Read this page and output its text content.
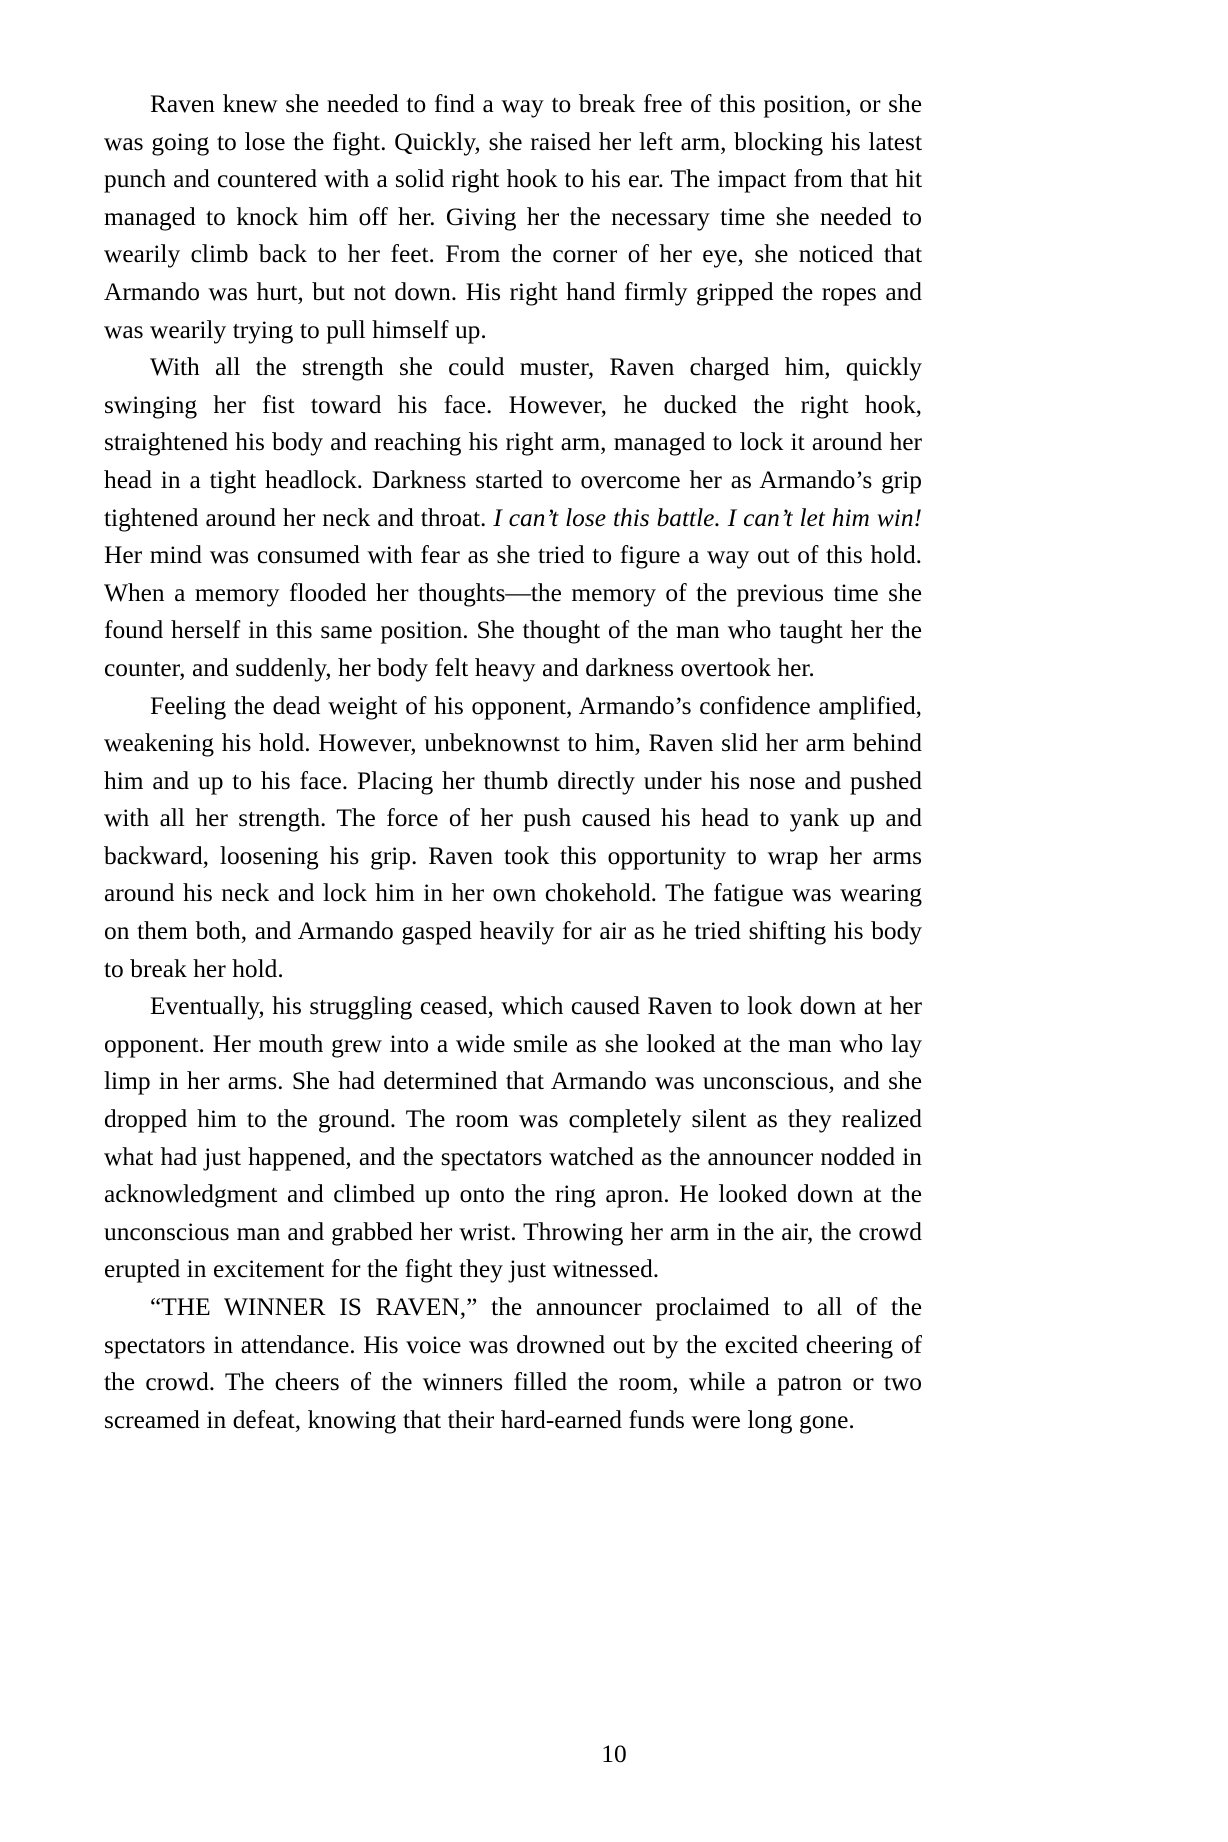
Raven knew she needed to find a way to break free of this position, or she was going to lose the fight. Quickly, she raised her left arm, blocking his latest punch and countered with a solid right hook to his ear. The impact from that hit managed to knock him off her. Giving her the necessary time she needed to wearily climb back to her feet. From the corner of her eye, she noticed that Armando was hurt, but not down. His right hand firmly gripped the ropes and was wearily trying to pull himself up.

With all the strength she could muster, Raven charged him, quickly swinging her fist toward his face. However, he ducked the right hook, straightened his body and reaching his right arm, managed to lock it around her head in a tight headlock. Darkness started to overcome her as Armando’s grip tightened around her neck and throat. I can’t lose this battle. I can’t let him win! Her mind was consumed with fear as she tried to figure a way out of this hold. When a memory flooded her thoughts—the memory of the previous time she found herself in this same position. She thought of the man who taught her the counter, and suddenly, her body felt heavy and darkness overtook her.

Feeling the dead weight of his opponent, Armando’s confidence amplified, weakening his hold. However, unbeknownst to him, Raven slid her arm behind him and up to his face. Placing her thumb directly under his nose and pushed with all her strength. The force of her push caused his head to yank up and backward, loosening his grip. Raven took this opportunity to wrap her arms around his neck and lock him in her own chokehold. The fatigue was wearing on them both, and Armando gasped heavily for air as he tried shifting his body to break her hold.

Eventually, his struggling ceased, which caused Raven to look down at her opponent. Her mouth grew into a wide smile as she looked at the man who lay limp in her arms. She had determined that Armando was unconscious, and she dropped him to the ground. The room was completely silent as they realized what had just happened, and the spectators watched as the announcer nodded in acknowledgment and climbed up onto the ring apron. He looked down at the unconscious man and grabbed her wrist. Throwing her arm in the air, the crowd erupted in excitement for the fight they just witnessed.

“THE WINNER IS RAVEN,” the announcer proclaimed to all of the spectators in attendance. His voice was drowned out by the excited cheering of the crowd. The cheers of the winners filled the room, while a patron or two screamed in defeat, knowing that their hard-earned funds were long gone.

10
